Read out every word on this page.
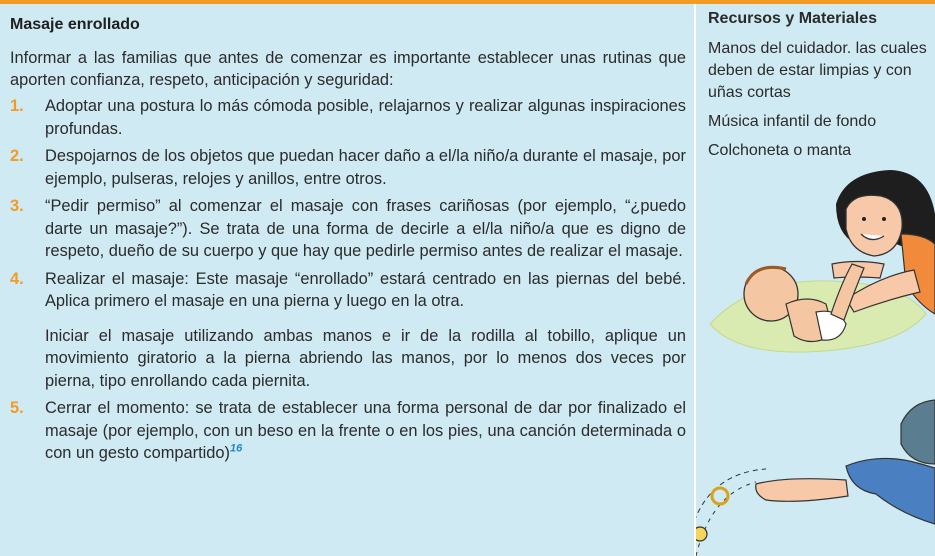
Masaje enrollado

Informar a las familias que antes de comenzar es importante establecer unas rutinas que aporten confianza, respeto, anticipación y seguridad:

1. Adoptar una postura lo más cómoda posible, relajarnos y realizar algunas inspiraciones profundas.

2. Despojarnos de los objetos que puedan hacer daño a el/la niño/a durante el masaje, por ejemplo, pulseras, relojes y anillos, entre otros.

3. “Pedir permiso” al comenzar el masaje con frases cariñosas (por ejemplo, “¿puedo darte un masaje?”). Se trata de una forma de decirle a el/la niño/a que es digno de respeto, dueño de su cuerpo y que hay que pedirle permiso antes de realizar el masaje.

4. Realizar el masaje: Este masaje “enrollado” estará centrado en las piernas del bebé. Aplica primero el masaje en una pierna y luego en la otra.

Iniciar el masaje utilizando ambas manos e ir de la rodilla al tobillo, aplique un movimiento giratorio a la pierna abriendo las manos, por lo menos dos veces por pierna, tipo enrollando cada piernita.

5. Cerrar el momento: se trata de establecer una forma personal de dar por finalizado el masaje (por ejemplo, con un beso en la frente o en los pies, una canción determinada o con un gesto compartido)$^{16}$

Recursos y Materiales
Manos del cuidador. las cuales deben de estar limpias y con uñas cortas
Música infantil de fondo
Colchoneta o manta
